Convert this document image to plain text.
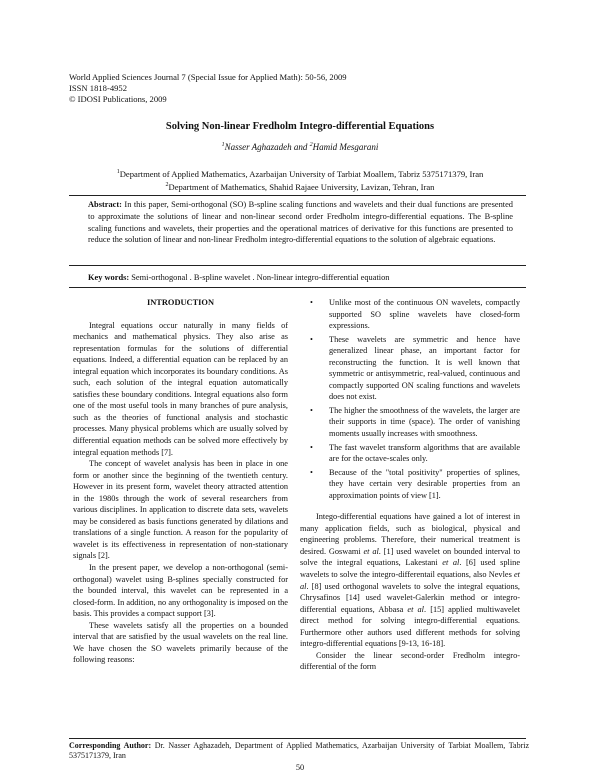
World Applied Sciences Journal 7 (Special Issue for Applied Math): 50-56, 2009
ISSN 1818-4952
© IDOSI Publications, 2009
Solving Non-linear Fredholm Integro-differential Equations
$^1$Nasser Aghazadeh and $^2$Hamid Mesgarani
$^1$Department of Applied Mathematics, Azarbaijan University of Tarbiat Moallem, Tabriz 5375171379, Iran
$^2$Department of Mathematics, Shahid Rajaee University, Lavizan, Tehran, Iran
Abstract: In this paper, Semi-orthogonal (SO) B-spline scaling functions and wavelets and their dual functions are presented to approximate the solutions of linear and non-linear second order Fredholm integro-differential equations. The B-spline scaling functions and wavelets, their properties and the operational matrices of derivative for this functions are presented to reduce the solution of linear and non-linear Fredholm integro-differential equations to the solution of algebraic equations.
Key words: Semi-orthogonal . B-spline wavelet . Non-linear integro-differential equation
INTRODUCTION

Integral equations occur naturally in many fields of mechanics and mathematical physics. They also arise as representation formulas for the solutions of differential equations. Indeed, a differential equation can be replaced by an integral equation which incorporates its boundary conditions. As such, each solution of the integral equation automatically satisfies these boundary conditions. Integral equations also form one of the most useful tools in many branches of pure analysis, such as the theories of functional analysis and stochastic processes. Many physical problems which are usually solved by differential equation methods can be solved more effectively by integral equation methods [7].

The concept of wavelet analysis has been in place in one form or another since the beginning of the twentieth century. However in its present form, wavelet theory attracted attention in the 1980s through the work of several researchers from various disciplines. In application to discrete data sets, wavelets may be considered as basis functions generated by dilations and translations of a single function. A reason for the popularity of wavelet is its effectiveness in representation of non-stationary signals [2].

In the present paper, we develop a non-orthogonal (semi-orthogonal) wavelet using B-splines specially constructed for the bounded interval, this wavelet can be represented in a closed-form. In addition, no any orthogonality is imposed on the basis. This provides a compact support [3].

These wavelets satisfy all the properties on a bounded interval that are satisfied by the usual wavelets on the real line. We have chosen the SO wavelets primarily because of the following reasons:

• Unlike most of the continuous ON wavelets, compactly supported SO spline wavelets have closed-form expressions.
• These wavelets are symmetric and hence have generalized linear phase, an important factor for reconstructing the function. It is well known that symmetric or antisymmetric, real-valued, continuous and compactly supported ON scaling functions and wavelets does not exist.
• The higher the smoothness of the wavelets, the larger are their supports in time (space). The order of vanishing moments usually increases with smoothness.
• The fast wavelet transform algorithms that are available are for the octave-scales only.
• Because of the "total positivity" properties of splines, they have certain very desirable properties from an approximation points of view [1].

Intego-differential equations have gained a lot of interest in many application fields, such as biological, physical and engineering problems. Therefore, their numerical treatment is desired. Goswami et al. [1] used wavelet on bounded interval to solve the integral equations, Lakestani et al. [6] used spline wavelets to solve the integro-differentail equations, also Nevles et al. [8] used orthogonal wavelets to solve the integral equations, Chrysafinos [14] used wavelet-Galerkin method or integro-differential equations, Abbasa et al. [15] applied multiwavelet direct method for solving integro-differential equations. Furthermore other authors used different methods for solving integro-differential equations [9-13, 16-18].

Consider the linear second-order Fredholm integro-differential of the form

Corresponding Author: Dr. Nasser Aghazadeh, Department of Applied Mathematics, Azarbaijan University of Tarbiat Moallem, Tabriz 5375171379, Iran
50
